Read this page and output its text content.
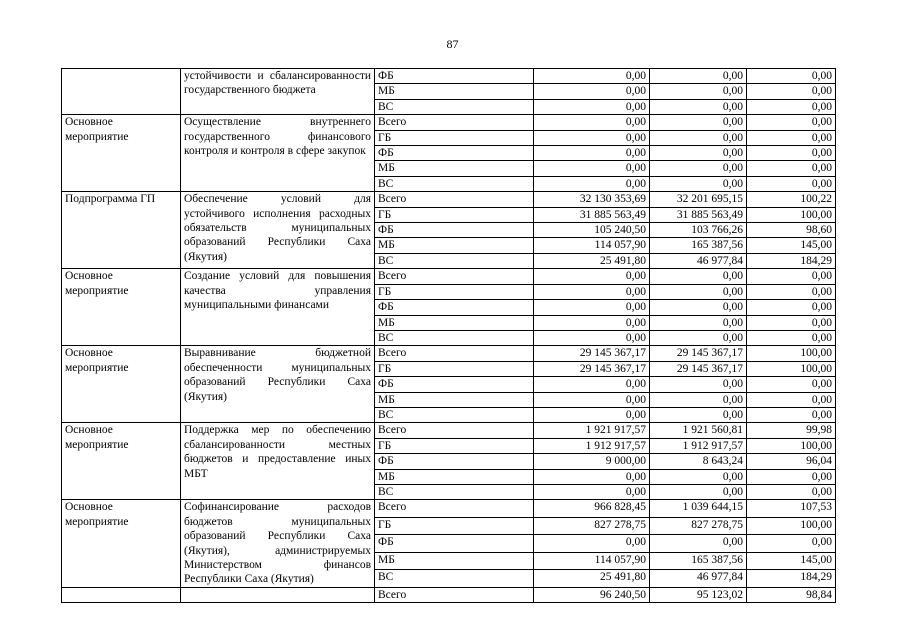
87
	устойчивости и сбалансированности государственного бюджета	ФБ	0,00	0,00	0,00
		МБ	0,00	0,00	0,00
		ВС	0,00	0,00	0,00
Основное мероприятие	Осуществление внутреннего государственного финансового контроля и контроля в сфере закупок	Всего	0,00	0,00	0,00
		ГБ	0,00	0,00	0,00
		ФБ	0,00	0,00	0,00
		МБ	0,00	0,00	0,00
		ВС	0,00	0,00	0,00
Подпрограмма ГП	Обеспечение условий для устойчивого исполнения расходных обязательств муниципальных образований Республики Саха (Якутия)	Всего	32 130 353,69	32 201 695,15	100,22
		ГБ	31 885 563,49	31 885 563,49	100,00
		ФБ	105 240,50	103 766,26	98,60
		МБ	114 057,90	165 387,56	145,00
		ВС	25 491,80	46 977,84	184,29
Основное мероприятие	Создание условий для повышения качества управления муниципальными финансами	Всего	0,00	0,00	0,00
		ГБ	0,00	0,00	0,00
		ФБ	0,00	0,00	0,00
		МБ	0,00	0,00	0,00
		ВС	0,00	0,00	0,00
Основное мероприятие	Выравнивание бюджетной обеспеченности муниципальных образований Республики Саха (Якутия)	Всего	29 145 367,17	29 145 367,17	100,00
		ГБ	29 145 367,17	29 145 367,17	100,00
		ФБ	0,00	0,00	0,00
		МБ	0,00	0,00	0,00
		ВС	0,00	0,00	0,00
Основное мероприятие	Поддержка мер по обеспечению сбалансированности местных бюджетов и предоставление иных МБТ	Всего	1 921 917,57	1 921 560,81	99,98
		ГБ	1 912 917,57	1 912 917,57	100,00
		ФБ	9 000,00	8 643,24	96,04
		МБ	0,00	0,00	0,00
		ВС	0,00	0,00	0,00
Основное мероприятие	Софинансирование расходов бюджетов муниципальных образований Республики Саха (Якутия), администрируемых Министерством финансов Республики Саха (Якутия)	Всего	966 828,45	1 039 644,15	107,53
		ГБ	827 278,75	827 278,75	100,00
		ФБ	0,00	0,00	0,00
		МБ	114 057,90	165 387,56	145,00
		ВС	25 491,80	46 977,84	184,29
		Всего	96 240,50	95 123,02	98,84
